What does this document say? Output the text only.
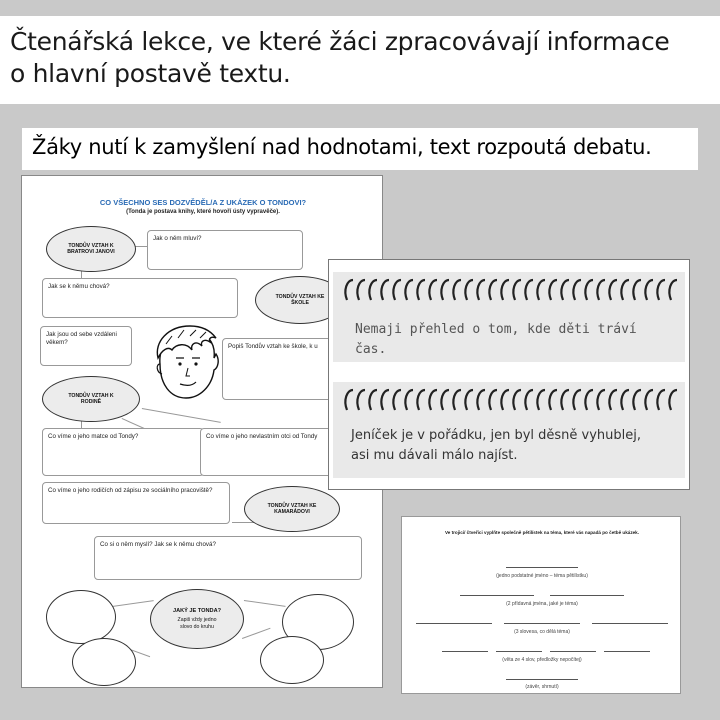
Čtenářská lekce, ve které žáci zpracovávají informace
o hlavní postavě textu.
Žáky nutí k zamyšlení nad hodnotami, text rozpoutá debatu.
CO VŠECHNO SES DOZVĚDĚL/A Z UKÁZEK O TONDOVI?
(Tonda je postava knihy, které hovoří ústy vypravěče).
TONDŮV VZTAH K BRATROVI JANOVI
TONDŮV VZTAH KE ŠKOLE
TONDŮV VZTAH K RODINĚ
TONDŮV VZTAH KE KAMARÁDOVI
JAKÝ JE TONDA?
Zapiš vždy jedno slovo do kruhu
Jak o něm mluví?
Jak se k němu chová?
Jak jsou od sebe vzdáleni věkem?
Popiš Tondův vztah ke škole, k u
Co víme o jeho matce od Tondy?	Co víme o jeho nevlastním otci od Tondy
Co víme o jeho rodičích od zápisu ze sociálního pracoviště?
Co si o něm myslí? Jak se k němu chová?
Nemaji přehled o tom, kde děti tráví
čas.
Jeníček je v pořádku, jen byl děsně vyhublej,
asi mu dávali málo najíst.
Ve trojici/ čtveřici vyplňte společně pětilístek na téma, které vás napadá po četbě ukázek.
(jedno podstatné jméno – téma pětilístku)
(2 přídavná jména, jaké je téma)
(3 slovesa, co dělá téma)
(věta ze 4 slov, předložky nepočítej)
(závěr, shrnutí)
